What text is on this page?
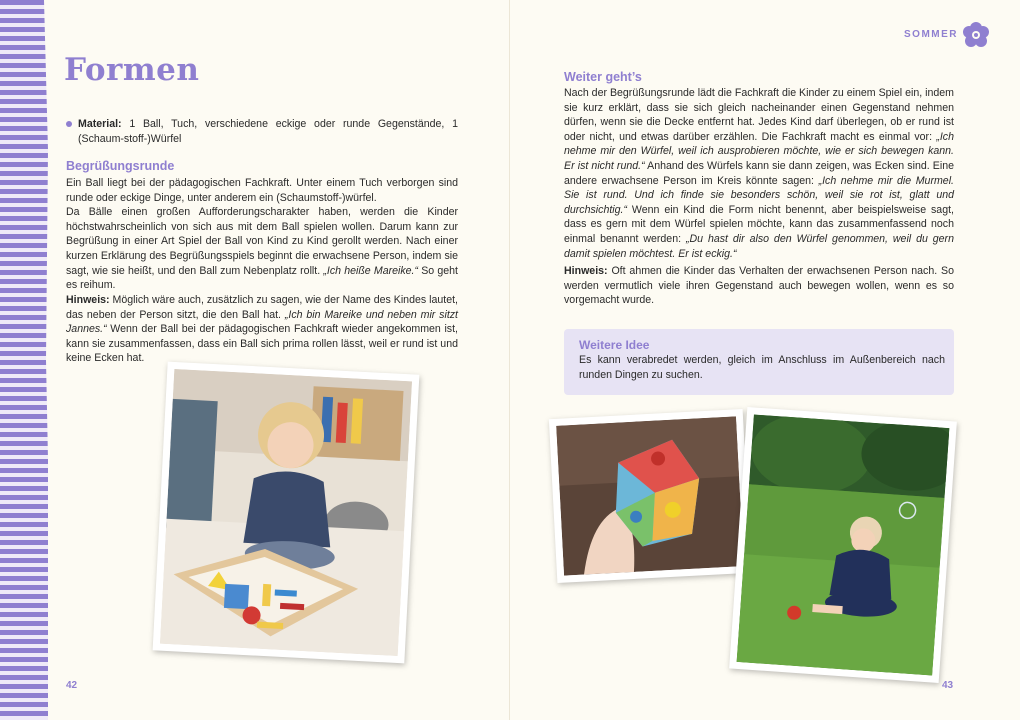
Formen
Material: 1 Ball, Tuch, verschiedene eckige oder runde Gegenstände, 1 (Schaum-stoff-)Würfel
Begrüßungsrunde
Ein Ball liegt bei der pädagogischen Fachkraft. Unter einem Tuch verborgen sind runde oder eckige Dinge, unter anderem ein (Schaumstoff-)würfel.
Da Bälle einen großen Aufforderungscharakter haben, werden die Kinder höchstwahrscheinlich von sich aus mit dem Ball spielen wollen. Darum kann zur Begrüßung in einer Art Spiel der Ball von Kind zu Kind gerollt werden. Nach einer kurzen Erklärung des Begrüßungsspiels beginnt die erwachsene Person, indem sie sagt, wie sie heißt, und den Ball zum Nebenplatz rollt. „Ich heiße Mareike.“ So geht es reihum.
Hinweis: Möglich wäre auch, zusätzlich zu sagen, wie der Name des Kindes lautet, das neben der Person sitzt, die den Ball hat. „Ich bin Mareike und neben mir sitzt Jannes.“ Wenn der Ball bei der pädagogischen Fachkraft wieder angekommen ist, kann sie zusammenfassen, dass ein Ball sich prima rollen lässt, weil er rund ist und keine Ecken hat.
42
SOMMER
Weiter geht’s
Nach der Begrüßungsrunde lädt die Fachkraft die Kinder zu einem Spiel ein, indem sie kurz erklärt, dass sie sich gleich nacheinander einen Gegenstand nehmen dürfen, wenn sie die Decke entfernt hat. Jedes Kind darf überlegen, ob er rund ist oder nicht, und etwas darüber erzählen. Die Fachkraft macht es einmal vor: „Ich nehme mir den Würfel, weil ich ausprobieren möchte, wie er sich bewegen kann. Er ist nicht rund.“ Anhand des Würfels kann sie dann zeigen, was Ecken sind. Eine andere erwachsene Person im Kreis könnte sagen: „Ich nehme mir die Murmel. Sie ist rund. Und ich finde sie besonders schön, weil sie rot ist, glatt und durchsichtig.“ Wenn ein Kind die Form nicht benennt, aber beispielsweise sagt, dass es gern mit dem Würfel spielen möchte, kann das zusammenfassend noch einmal benannt werden: „Du hast dir also den Würfel genommen, weil du gern damit spielen möchtest. Er ist eckig.“
Hinweis: Oft ahmen die Kinder das Verhalten der erwachsenen Person nach. So werden vermutlich viele ihren Gegenstand auch bewegen wollen, wenn es so vorgemacht wurde.
Weitere Idee
Es kann verabredet werden, gleich im Anschluss im Außenbereich nach runden Dingen zu suchen.
43
